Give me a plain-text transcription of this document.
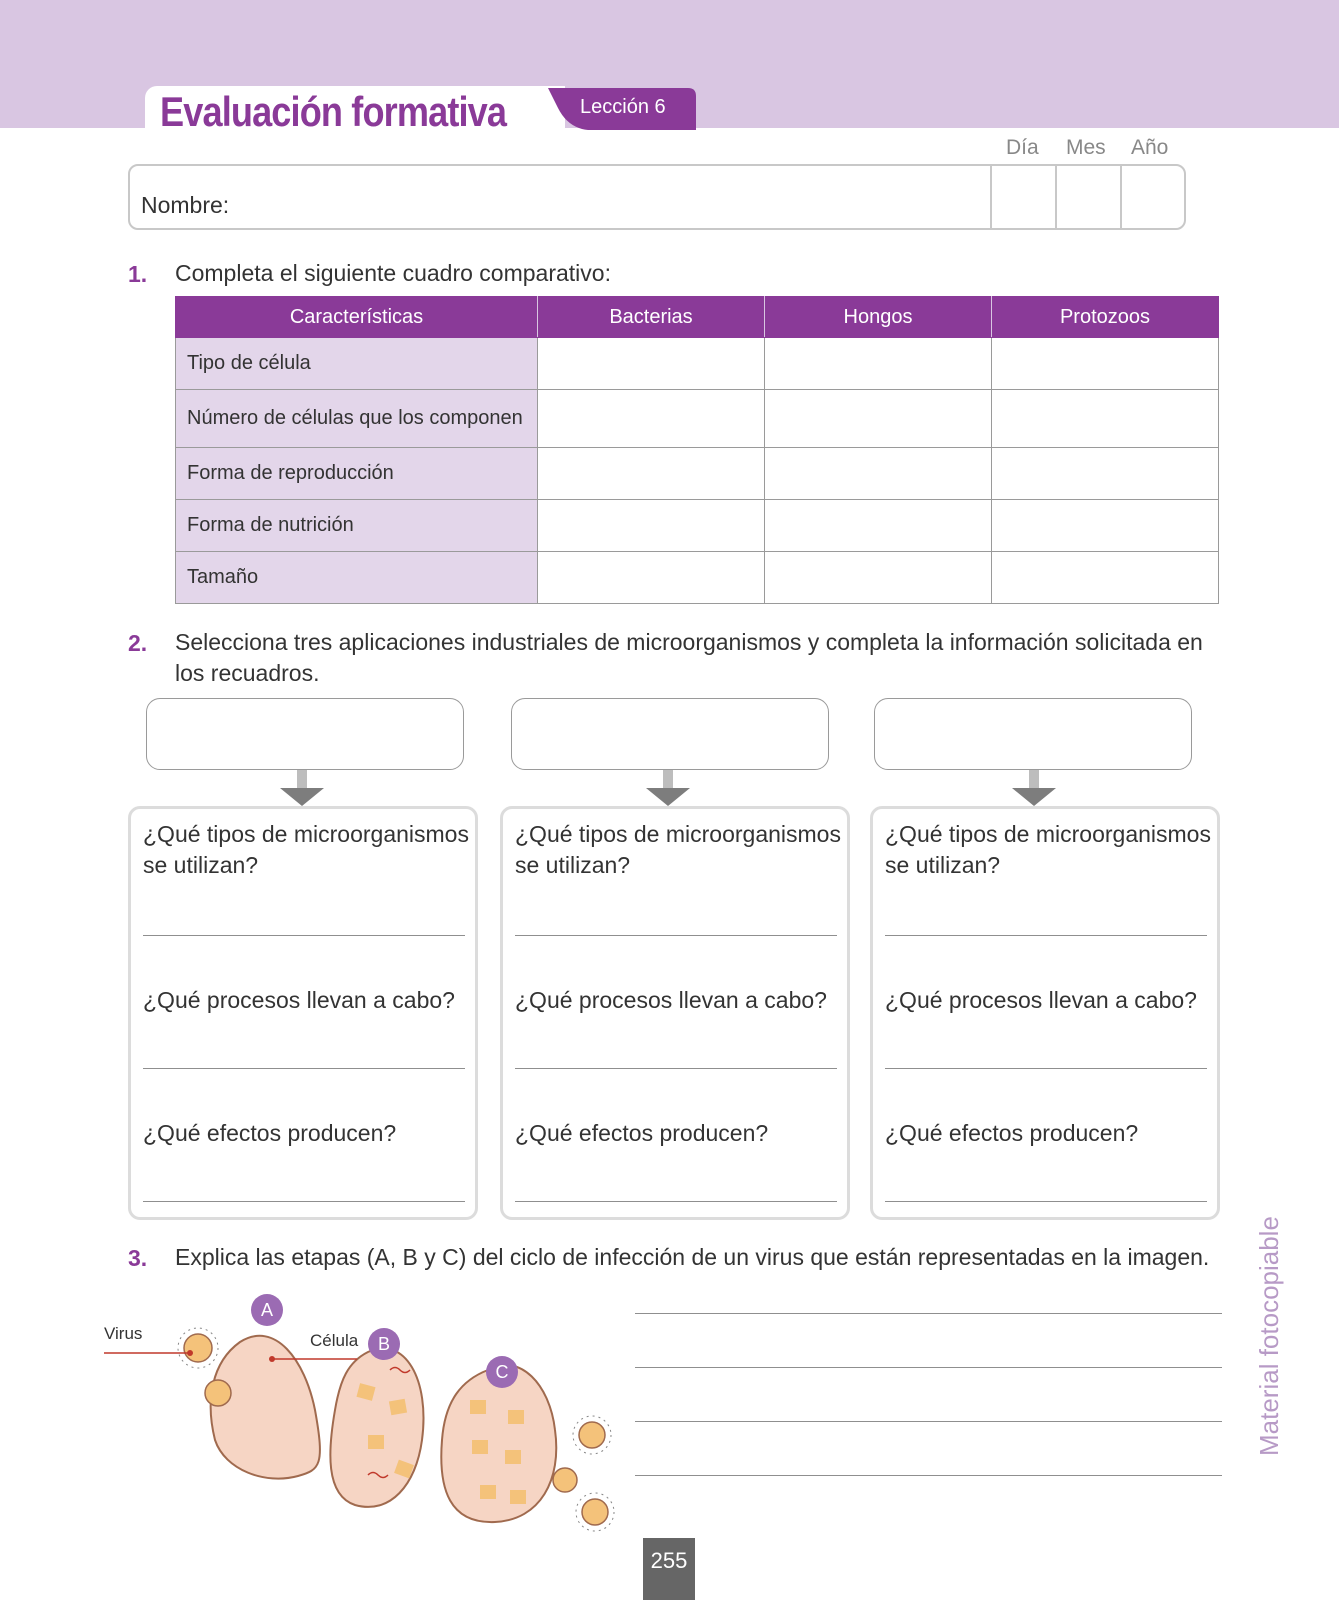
Evaluación formativa	Lección 6
Día Mes Año
Nombre:
1. Completa el siguiente cuadro comparativo:
Características	Bacterias	Hongos	Protozoos
Tipo de célula			
Número de células que los componen			
Forma de reproducción			
Forma de nutrición			
Tamaño			
2. Selecciona tres aplicaciones industriales de microorganismos y completa la información solicitada en los recuadros.
¿Qué tipos de microorganismos se utilizan?
¿Qué procesos llevan a cabo?
¿Qué efectos producen?
¿Qué tipos de microorganismos se utilizan?
¿Qué procesos llevan a cabo?
¿Qué efectos producen?
¿Qué tipos de microorganismos se utilizan?
¿Qué procesos llevan a cabo?
¿Qué efectos producen?
3. Explica las etapas (A, B y C) del ciclo de infección de un virus que están representadas en la imagen.
Virus	Célula
A
B
C	Material fotocopiable
255
